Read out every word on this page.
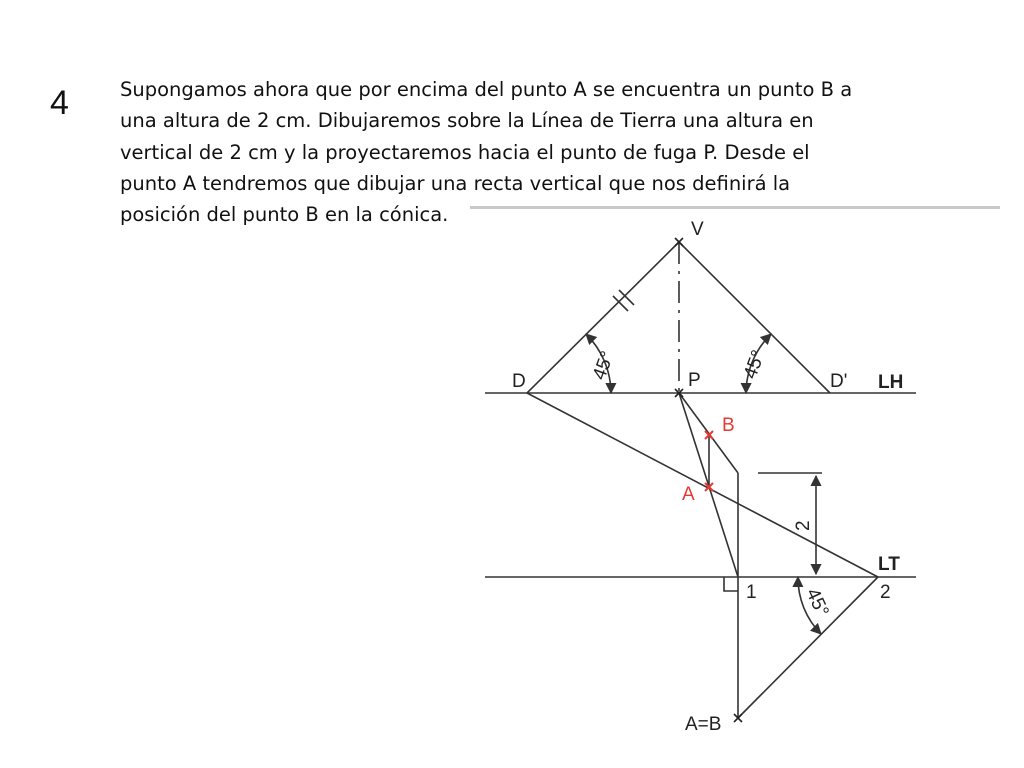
4	Supongamos ahora que por encima del punto A se encuentra un punto B a
una altura de 2 cm. Dibujaremos sobre la Línea de Tierra una altura en
vertical de 2 cm y la proyectaremos hacia el punto de fuga P. Desde el
punto A tendremos que dibujar una recta vertical que nos definirá la
posición del punto B en la cónica.

V
D	P	D' LH
B
A
LT
1	2
2
A=B
45°	45°
45°
